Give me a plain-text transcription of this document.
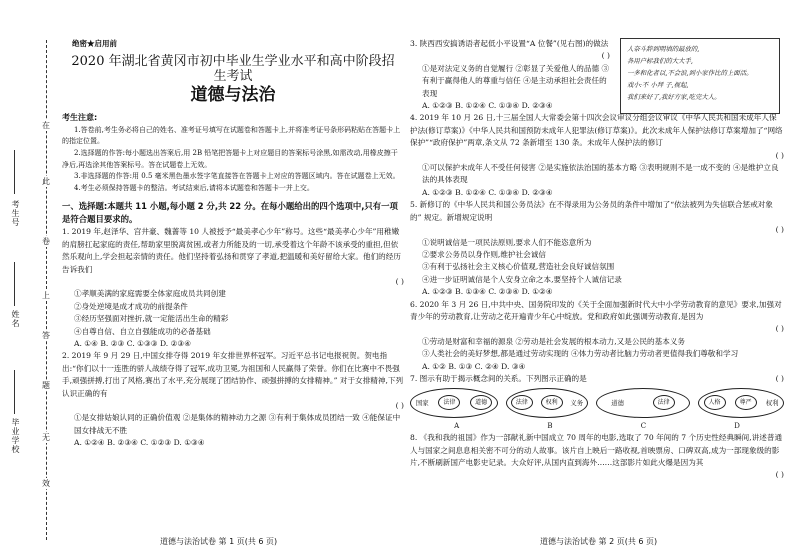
在
此
卷
上
答
题
无
效
考生号
姓名
毕业学校
绝密★启用前
2020 年湖北省黄冈市初中毕业生学业水平和高中阶段招
生考试
道德与法治
考生注意:

1.答卷前,考生务必将自己的姓名、准考证号填写在试题卷和答题卡上,并将准考证号条形码粘贴在答题卡上的指定位置。

2.选择题的作答:每小题选出答案后,用 2B 铅笔把答题卡上对应题目的答案标号涂黑,如需改动,用橡皮擦干净后,再选涂其他答案标号。答在试题卷上无效。

3.非选择题的作答:用 0.5 毫米黑色墨水签字笔直接答在答题卡上对应的答题区域内。答在试题卷上无效。

4.考生必须保持答题卡的整洁。考试结束后,请将本试题卷和答题卡一并上交。

一、选择题:本题共 11 小题,每小题 2 分,共 22 分。在每小题给出的四个选项中,只有一项是符合题目要求的。

1. 2019 年,赵泽华、宫井豪、魏蔷等 10 人被授予“最美孝心少年”称号。这些“最美孝心少年”用稚嫩的肩膀扛起家庭的责任,帮助家里脱离贫困,或者力所能及的一切,承受着这个年龄不该承受的重担,但依然乐观向上,学会担起亲情的责任。他们坚持着弘扬和贯穿了孝道,把温暖和美好留给大家。他们的经历告诉我们

( )

①孝顺美满的家庭需要全体家庭成员共同创建

②身处逆境是成才成功的前提条件

③经历坚强面对挫折,就一定能活出生命的精彩

④自尊自信、自立自强能成功的必备基础

A. ①④ B. ②③ C. ①③③ D. ②③④

2. 2019 年 9 月 29 日,中国女排夺得 2019 年女排世界杯冠军。习近平总书记电报祝贺。贺电指出:“你们以十一连胜的骄人战绩夺得了冠军,成功卫冕,为祖国和人民赢得了荣誉。你们在比赛中不畏强手,顽强拼搏,打出了风格,赛出了水平,充分展现了团结协作、顽强拼搏的女排精神。” 对于女排精神,下列认识正确的有

( )

①是女排姑娘认同的正确价值观 ②是集体的精神动力之源 ③有利于集体成员团结一致 ④能保证中国女排战无不胜

A. ①②④ B. ②③④ C. ①②③ D. ①③④

3. 陕西西安搞诱语者起低小平设置“A 位餐”(见右图)的做法

( )

①是对法定义务的自觉履行 ②彰显了关爱他人的品德 ③有利于赢得他人的尊重与信任 ④是主动承担社会责任的表现

A. ①②③ B. ①②④ C. ①③④ D. ②③④

4. 2019 年 10 月 26 日,十三届全国人大常委会第十四次会议审议分组会议审议《中华人民共和国未成年人保护法(修订草案)》《中华人民共和国预防未成年人犯罪法(修订草案)》。此次未成年人保护法修订草案增加了“网络保护”“政府保护”两章,条文从 72 条新增至 130 条。未成年人保护法的修订

( )

①可以保护未成年人不受任何侵害 ②是实施依法治国的基本方略 ③表明规则不是一成不变的 ④是维护立良法的具体表现

A. ①②③ B. ①②④ C. ①③④ D. ②③④

5. 新修订的《中华人民共和国公务员法》在不得录用为公务员的条件中增加了“依法被列为失信联合惩戒对象的” 规定。新增规定说明

( )

①说明诚信是一项民法原则,要求人们不能恣意所为

②要求公务员以身作则,维护社会诚信

③有利于弘扬社会主义核心价值观,营造社会良好诚信氛围

④进一步证明诚信是个人安身立命之本,要坚持个人诚信记录

A. ①②③ B. ①③④ C. ②③④ D. ①②④

6. 2020 年 3 月 26 日,中共中央、国务院印发的《关于全面加强新时代大中小学劳动教育的意见》要求,加强对青少年的劳动教育,让劳动之花开遍青少年心中绽放。党和政府如此强调劳动教育,是因为

( )

①劳动是财富和幸福的源泉 ②劳动是社会发展的根本动力,又是公民的基本义务

③人类社会的美好梦想,都是通过劳动实现的 ④体力劳动者比脑力劳动者更值得我们尊敬和学习

A. ①② B. ①③ C. ②④ D. ③④

7. 图示有助于揭示概念间的关系。下列图示正确的是	( )

国家	法律	道德	法律	权利	义务	道德	法律	人格	尊严	权利
A	B	C	D

8. 《我和我的祖国》作为一部献礼新中国成立 70 周年的电影,选取了 70 年间的 7 个历史性经典瞬间,讲述普通人与国家之间息息相关密不可分的动人故事。该片自上映后一路收视,首映票房、口碑双高,成为一部现象级的影片,不断刷新国产电影史记录。大众好评,从国内直到海外……这部影片如此火爆是因为其

( )

人奈斗辞到明填的最放的,
各用户标我们的大大手,
一多和化者以,不会浪,到小家作比的上面活。
戏小:不 小拜 子,视起,
我们来好了,我好方家,吃完大人。
道德与法治试卷 第 1 页(共 6 页)	道德与法治试卷 第 2 页(共 6 页)
